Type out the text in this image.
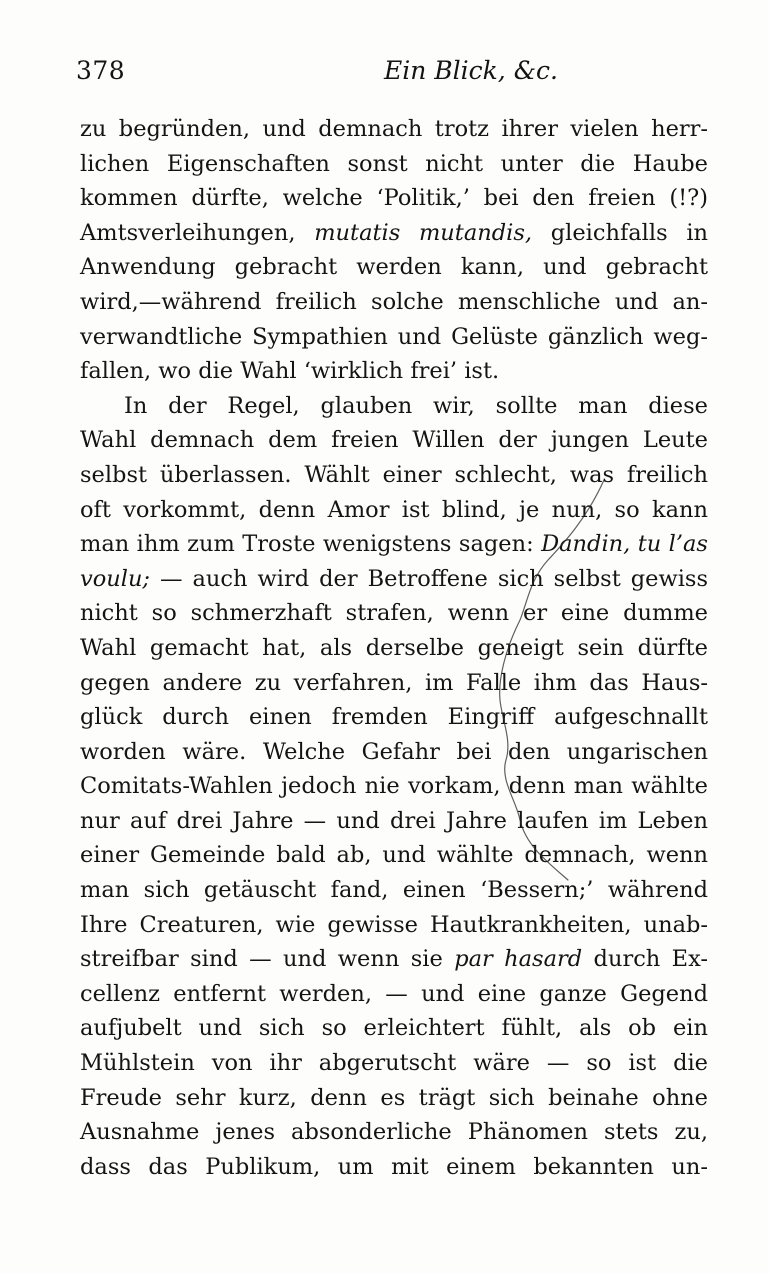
378	Ein Blick, &c.
zu begründen, und demnach trotz ihrer vielen herr-
lichen Eigenschaften sonst nicht unter die Haube
kommen dürfte, welche ‘Politik,’ bei den freien (!?)
Amtsverleihungen, mutatis mutandis, gleichfalls in
Anwendung gebracht werden kann, und gebracht
wird,—während freilich solche menschliche und an-
verwandtliche Sympathien und Gelüste gänzlich weg-
fallen, wo die Wahl ‘wirklich frei’ ist.
In der Regel, glauben wir, sollte man diese
Wahl demnach dem freien Willen der jungen Leute
selbst überlassen. Wählt einer schlecht, was freilich
oft vorkommt, denn Amor ist blind, je nun, so kann
man ihm zum Troste wenigstens sagen: Dandin, tu l’as
voulu; — auch wird der Betroffene sich selbst gewiss
nicht so schmerzhaft strafen, wenn er eine dumme
Wahl gemacht hat, als derselbe geneigt sein dürfte
gegen andere zu verfahren, im Falle ihm das Haus-
glück durch einen fremden Eingriff aufgeschnallt
worden wäre. Welche Gefahr bei den ungarischen
Comitats-Wahlen jedoch nie vorkam, denn man wählte
nur auf drei Jahre — und drei Jahre laufen im Leben
einer Gemeinde bald ab, und wählte demnach, wenn
man sich getäuscht fand, einen ‘Bessern;’ während
Ihre Creaturen, wie gewisse Hautkrankheiten, unab-
streifbar sind — und wenn sie par hasard durch Ex-
cellenz entfernt werden, — und eine ganze Gegend
aufjubelt und sich so erleichtert fühlt, als ob ein
Mühlstein von ihr abgerutscht wäre — so ist die
Freude sehr kurz, denn es trägt sich beinahe ohne
Ausnahme jenes absonderliche Phänomen stets zu,
dass das Publikum, um mit einem bekannten un-
